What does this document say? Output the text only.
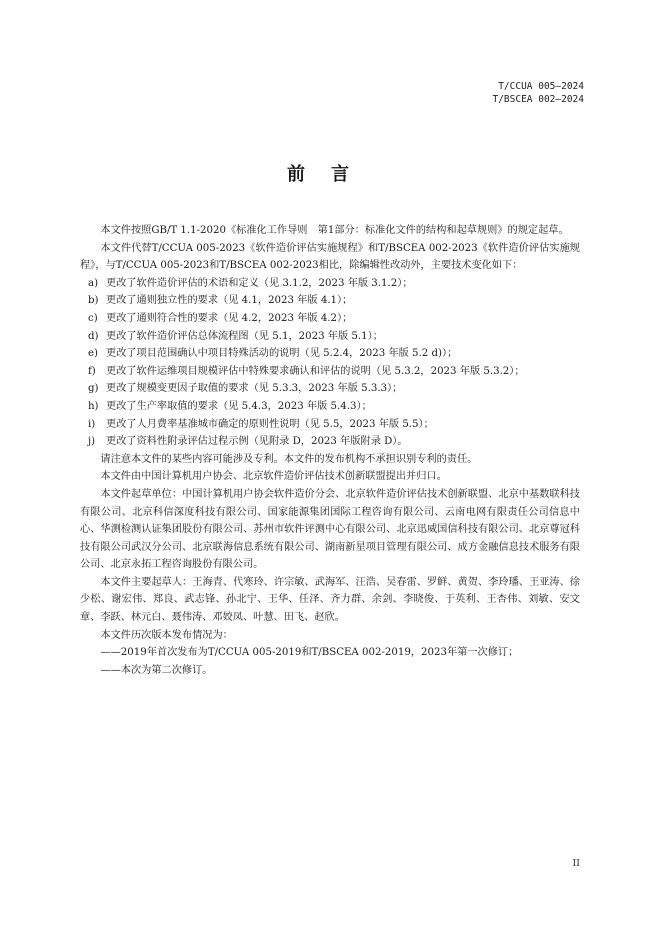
T/CCUA 005—2024
T/BSCEA 002—2024
前言

本文件按照GB/T 1.1-2020《标准化工作导则　第1部分：标准化文件的结构和起草规则》的规定起草。

本文件代替T/CCUA 005-2023《软件造价评估实施规程》和T/BSCEA 002-2023《软件造价评估实施规程》，与T/CCUA 005-2023和T/BSCEA 002-2023相比，除编辑性改动外，主要技术变化如下：

a) 更改了软件造价评估的术语和定义（见 3.1.2，2023 年版 3.1.2）；

b) 更改了通则独立性的要求（见 4.1，2023 年版 4.1）；

c) 更改了通则符合性的要求（见 4.2，2023 年版 4.2）；

d) 更改了软件造价评估总体流程图（见 5.1，2023 年版 5.1）；

e) 更改了项目范围确认中项目特殊活动的说明（见 5.2.4，2023 年版 5.2 d)）；

f) 更改了软件运维项目规模评估中特殊要求确认和评估的说明（见 5.3.2，2023 年版 5.3.2）；

g) 更改了规模变更因子取值的要求（见 5.3.3，2023 年版 5.3.3）；

h) 更改了生产率取值的要求（见 5.4.3，2023 年版 5.4.3）；

i) 更改了人月费率基准城市确定的原则性说明（见 5.5，2023 年版 5.5）；

j) 更改了资料性附录评估过程示例（见附录 D，2023 年版附录 D）。

请注意本文件的某些内容可能涉及专利。本文件的发布机构不承担识别专利的责任。

本文件由中国计算机用户协会、北京软件造价评估技术创新联盟提出并归口。

本文件起草单位：中国计算机用户协会软件造价分会、北京软件造价评估技术创新联盟、北京中基数联科技有限公司、北京科信深度科技有限公司、国家能源集团国际工程咨询有限公司、云南电网有限责任公司信息中心、华测检测认证集团股份有限公司、苏州市软件评测中心有限公司、北京迅威国信科技有限公司、北京尊冠科技有限公司武汉分公司、北京联海信息系统有限公司、湖南新星项目管理有限公司、成方金融信息技术服务有限公司、北京永拓工程咨询股份有限公司。

本文件主要起草人：王海青、代寒玲、许宗敏、武海军、汪浩、吴春雷、罗鲜、黄贺、李玲璠、王亚涛、徐少松、谢宏伟、郑良、武志锋、孙北宁、王华、任泽、齐力群、余剑、李晓俊、于英利、王杏伟、刘敏、安文章、李跃、林元白、聂伟涛、邓姣凤、叶慧、田飞、赵欣。

本文件历次版本发布情况为：

——2019年首次发布为T/CCUA 005-2019和T/BSCEA 002-2019，2023年第一次修订；

——本次为第二次修订。

II
